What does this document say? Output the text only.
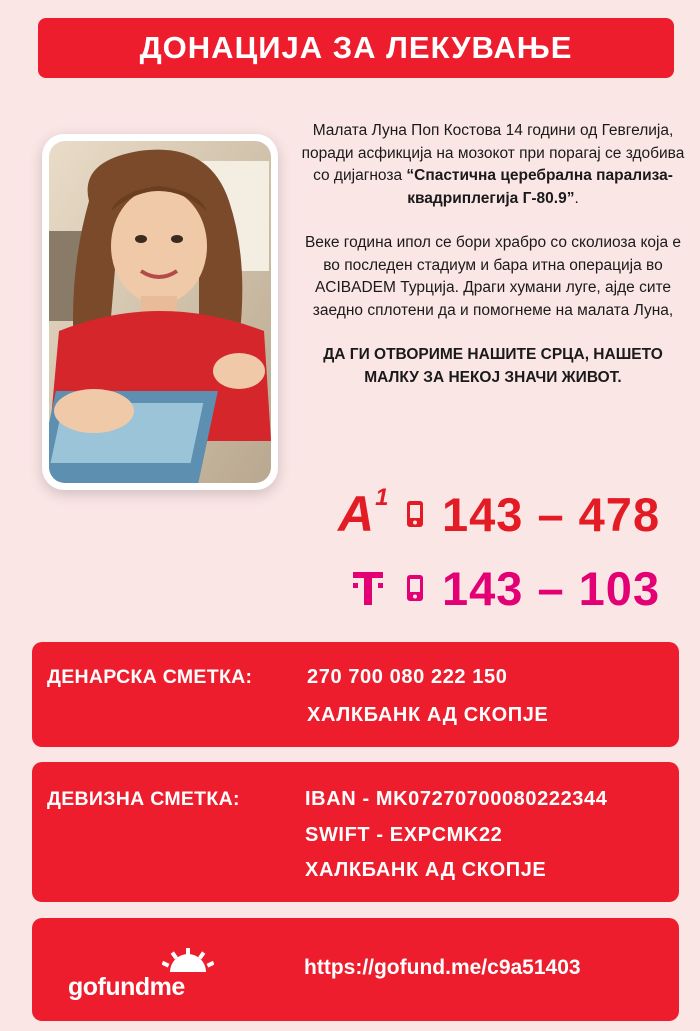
ДОНАЦИЈА ЗА ЛЕКУВАЊЕ

Малата Луна Поп Костова 14 години од Гевгелија, поради асфикција на мозокот при порагај се здобива со дијагноза “Спастична церебрална парализа-квадриплегија Г-80.9”.

Веке година ипол се бори храбро со сколиоза која е во последен стадиум и бара итна операција во ACIBADEM Турција. Драги хумани луге, ајде сите заедно сплотени да и помогнеме на малата Луна,

ДА ГИ ОТВОРИМЕ НАШИТЕ СРЦА, НАШЕТО
МАЛКУ ЗА НЕКОЈ ЗНАЧИ ЖИВОТ.
A 1 143 – 478
143 – 103
ДЕНАРСКА СМЕТКА:	270 700 080 222 150
ХАЛКБАНК АД СКОПЈЕ
ДЕВИЗНА СМЕТКА:	IBAN - MK07270700080222344
SWIFT - EXPCMK22
ХАЛКБАНК АД СКОПЈЕ
gofundme
https://gofund.me/c9a51403
